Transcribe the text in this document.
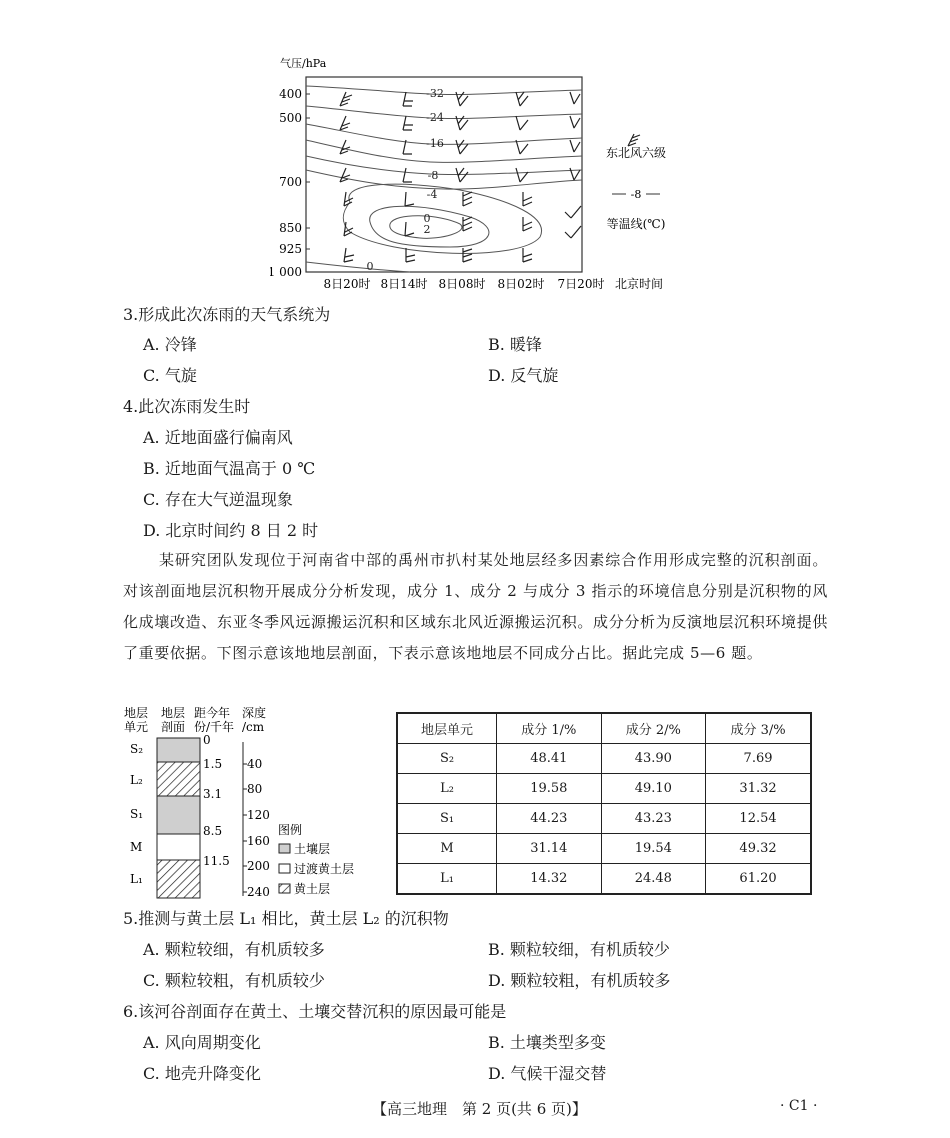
气压/hPa
400
500
700
850
925
1 000
-32
-24
-16
-8
-4
0
2
0
8日20时 8日14时 8日08时 8日02时 7日20时 北京时间
东北风六级
-8
等温线(℃)
3.形成此次冻雨的天气系统为
A. 冷锋	B. 暖锋
C. 气旋	D. 反气旋
4.此次冻雨发生时
A. 近地面盛行偏南风
B. 近地面气温高于 0 ℃
C. 存在大气逆温现象
D. 北京时间约 8 日 2 时
某研究团队发现位于河南省中部的禹州市扒村某处地层经多因素综合作用形成完整的沉积剖面。对该剖面地层沉积物开展成分分析发现，成分 1、成分 2 与成分 3 指示的环境信息分别是沉积物的风化成壤改造、东亚冬季风远源搬运沉积和区域东北风近源搬运沉积。成分分析为反演地层沉积环境提供了重要依据。下图示意该地地层剖面，下表示意该地地层不同成分占比。据此完成 5—6 题。
地层
单元
地层
剖面
距今年
份/千年
深度
/cm
S₂
L₂
S₁
M
L₁
0
1.5
3.1
8.5
11.5
40
80
120
160
200
240
图例
土壤层
过渡黄土层
黄土层
地层单元	成分 1/%	成分 2/%	成分 3/%
S₂	48.41	43.90	7.69
L₂	19.58	49.10	31.32
S₁	44.23	43.23	12.54
M	31.14	19.54	49.32
L₁	14.32	24.48	61.20
5.推测与黄土层 L₁ 相比，黄土层 L₂ 的沉积物
A. 颗粒较细，有机质较多	B. 颗粒较细，有机质较少
C. 颗粒较粗，有机质较少	D. 颗粒较粗，有机质较多
6.该河谷剖面存在黄土、土壤交替沉积的原因最可能是
A. 风向周期变化	B. 土壤类型多变
C. 地壳升降变化	D. 气候干湿交替
【高三地理　第 2 页(共 6 页)】	· C1 ·
